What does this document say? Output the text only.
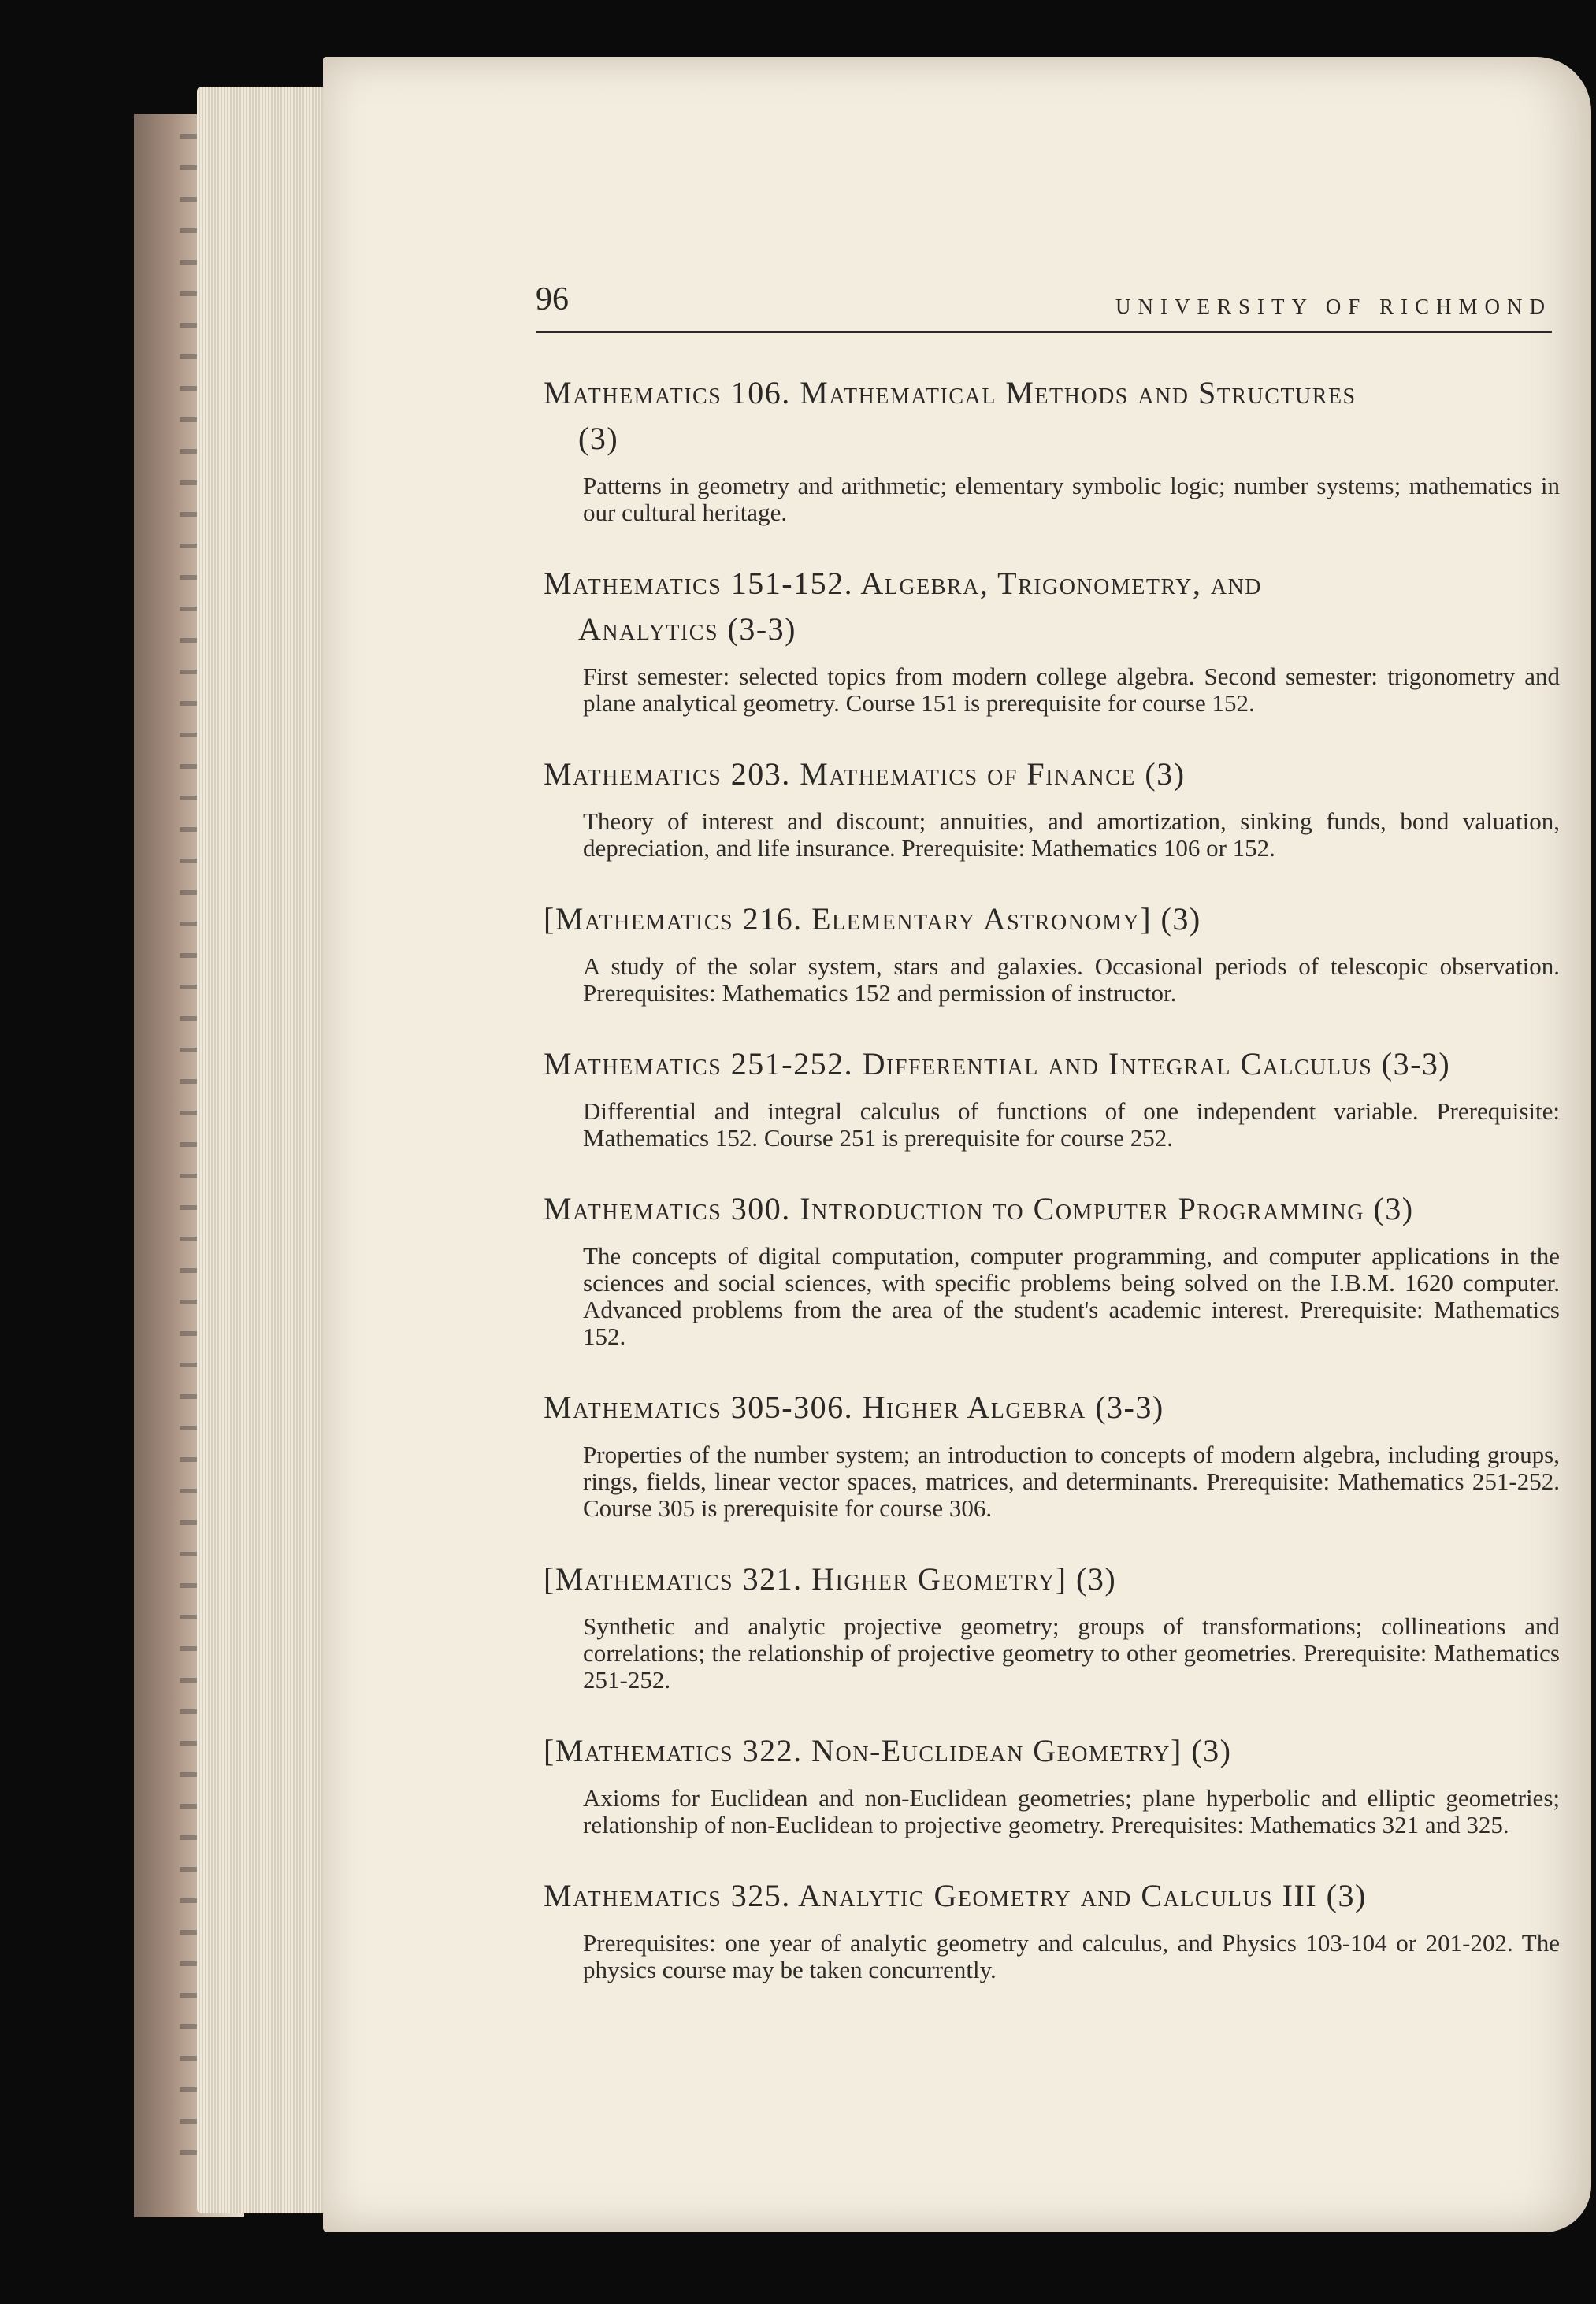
96	UNIVERSITY OF RICHMOND
Mathematics 106. Mathematical Methods and Structures (3)
Patterns in geometry and arithmetic; elementary symbolic logic; number systems; mathematics in our cultural heritage.
Mathematics 151-152. Algebra, Trigonometry, and Analytics (3-3)
First semester: selected topics from modern college algebra. Second semester: trigonometry and plane analytical geometry. Course 151 is prerequisite for course 152.
Mathematics 203. Mathematics of Finance (3)
Theory of interest and discount; annuities, and amortization, sinking funds, bond valuation, depreciation, and life insurance. Prerequisite: Mathematics 106 or 152.
[Mathematics 216. Elementary Astronomy] (3)
A study of the solar system, stars and galaxies. Occasional periods of telescopic observation. Prerequisites: Mathematics 152 and permission of instructor.
Mathematics 251-252. Differential and Integral Calculus (3-3)
Differential and integral calculus of functions of one independent variable. Prerequisite: Mathematics 152. Course 251 is prerequisite for course 252.
Mathematics 300. Introduction to Computer Programming (3)
The concepts of digital computation, computer programming, and computer applications in the sciences and social sciences, with specific problems being solved on the I.B.M. 1620 computer. Advanced problems from the area of the student's academic interest. Prerequisite: Mathematics 152.
Mathematics 305-306. Higher Algebra (3-3)
Properties of the number system; an introduction to concepts of modern algebra, including groups, rings, fields, linear vector spaces, matrices, and determinants. Prerequisite: Mathematics 251-252. Course 305 is prerequisite for course 306.
[Mathematics 321. Higher Geometry] (3)
Synthetic and analytic projective geometry; groups of transformations; collineations and correlations; the relationship of projective geometry to other geometries. Prerequisite: Mathematics 251-252.
[Mathematics 322. Non-Euclidean Geometry] (3)
Axioms for Euclidean and non-Euclidean geometries; plane hyperbolic and elliptic geometries; relationship of non-Euclidean to projective geometry. Prerequisites: Mathematics 321 and 325.
Mathematics 325. Analytic Geometry and Calculus III (3)
Prerequisites: one year of analytic geometry and calculus, and Physics 103-104 or 201-202. The physics course may be taken concurrently.
